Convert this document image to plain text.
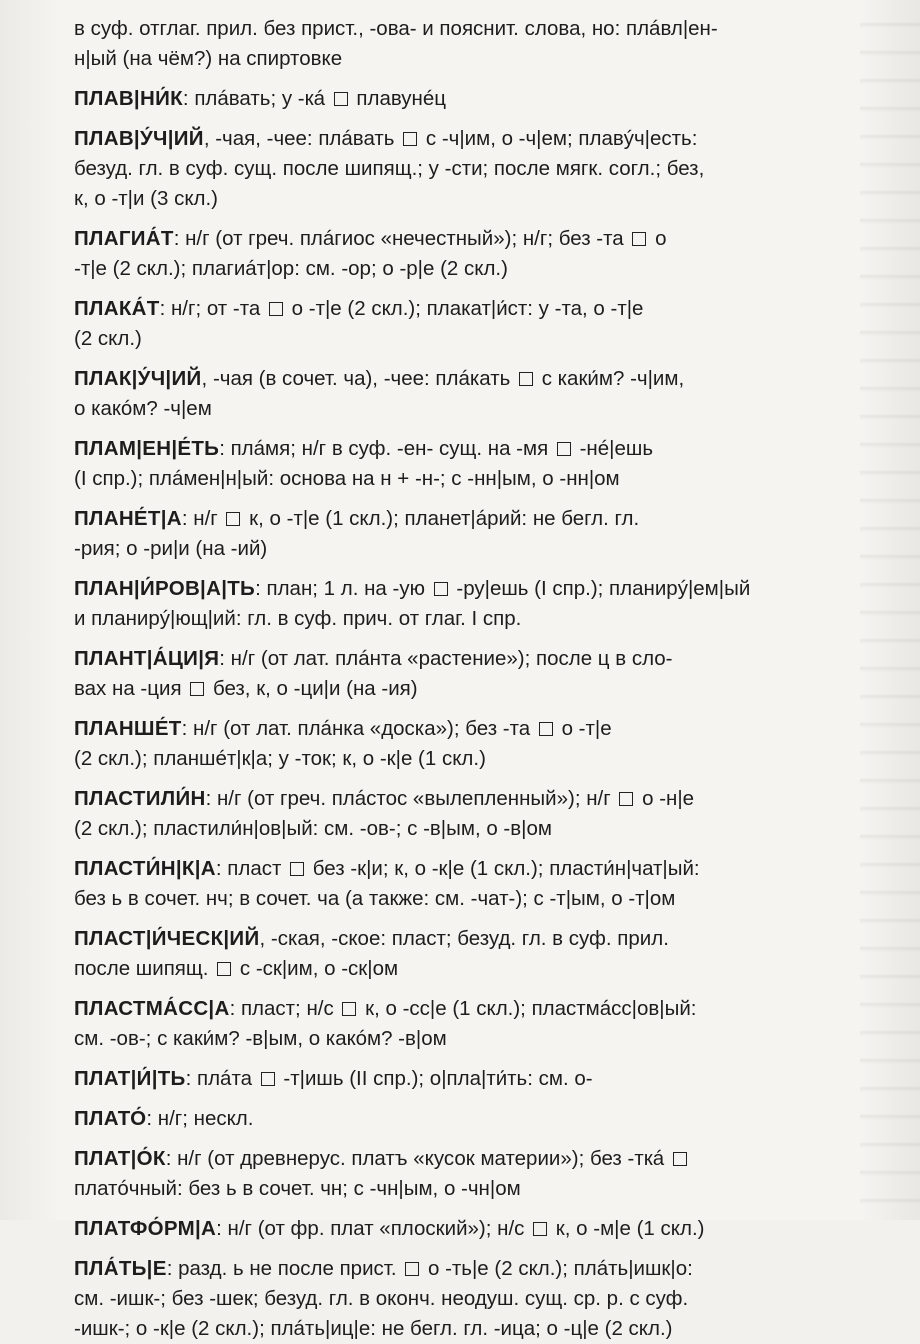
в суф. отглаг. прил. без прист., -ова- и пояснит. слова, но: плáвл|ен-
н|ый (на чём?) на спиртовке
ПЛАВ|НИ́К: плáвать; у -кá  плавунéц
ПЛАВ|У́Ч|ИЙ, -чая, -чее: плáвать  с -ч|им, о -ч|ем; плавýч|есть:
безуд. гл. в суф. сущ. после шипящ.; у -сти; после мягк. согл.; без,
к, о -т|и (3 скл.)
ПЛАГИА́Т: н/г (от греч. плáгиос «нечестный»); н/г; без -та  о
-т|е (2 скл.); плагиáт|ор: см. -ор; о -р|е (2 скл.)
ПЛАКА́Т: н/г; от -та  о -т|е (2 скл.); плакат|и́ст: у -та, о -т|е
(2 скл.)
ПЛАК|У́Ч|ИЙ, -чая (в сочет. ча), -чее: плáкать  с каки́м? -ч|им,
о какóм? -ч|ем
ПЛАМ|ЕН|Е́ТЬ: плáмя; н/г в суф. -ен- сущ. на -мя  -нé|ешь
(I спр.); плáмен|н|ый: основа на н + -н-; с -нн|ым, о -нн|ом
ПЛАНЕ́Т|А: н/г  к, о -т|е (1 скл.); планет|áрий: не бегл. гл.
-рия; о -ри|и (на -ий)
ПЛАН|И́РОВ|А|ТЬ: план; 1 л. на -ую  -ру|ешь (I спр.); планирý|ем|ый
и планирý|ющ|ий: гл. в суф. прич. от глаг. I спр.
ПЛАНТ|А́ЦИ|Я: н/г (от лат. плáнта «растение»); после ц в сло-
вах на -ция  без, к, о -ци|и (на -ия)
ПЛАНШЕ́Т: н/г (от лат. плáнка «доска»); без -та  о -т|е
(2 скл.); планшéт|к|а; у -ток; к, о -к|е (1 скл.)
ПЛАСТИЛИ́Н: н/г (от греч. плáстос «вылепленный»); н/г  о -н|е
(2 скл.); пластили́н|ов|ый: см. -ов-; с -в|ым, о -в|ом
ПЛАСТИ́Н|К|А: пласт  без -к|и; к, о -к|е (1 скл.); пласти́н|чат|ый:
без ь в сочет. нч; в сочет. ча (а также: см. -чат-); с -т|ым, о -т|ом
ПЛАСТ|И́ЧЕСК|ИЙ, -ская, -ское: пласт; безуд. гл. в суф. прил.
после шипящ.  с -ск|им, о -ск|ом
ПЛАСТМА́СС|А: пласт; н/с  к, о -сс|е (1 скл.); пластмáсс|ов|ый:
см. -ов-; с каки́м? -в|ым, о какóм? -в|ом
ПЛАТ|И́|ТЬ: плáта  -т|ишь (II спр.); о|пла|ти́ть: см. о-
ПЛАТО́: н/г; нескл.
ПЛАТ|О́К: н/г (от древнерус. платъ «кусок материи»); без -ткá
платóчный: без ь в сочет. чн; с -чн|ым, о -чн|ом
ПЛАТФО́РМ|А: н/г (от фр. плат «плоский»); н/с  к, о -м|е (1 скл.)
ПЛА́ТЬ|Е: разд. ь не после прист.  о -ть|е (2 скл.); плáть|ишк|о:
см. -ишк-; без -шек; безуд. гл. в оконч. неодуш. сущ. ср. р. с суф.
-ишк-; о -к|е (2 скл.); плáть|иц|е: не бегл. гл. -ица; о -ц|е (2 скл.)
